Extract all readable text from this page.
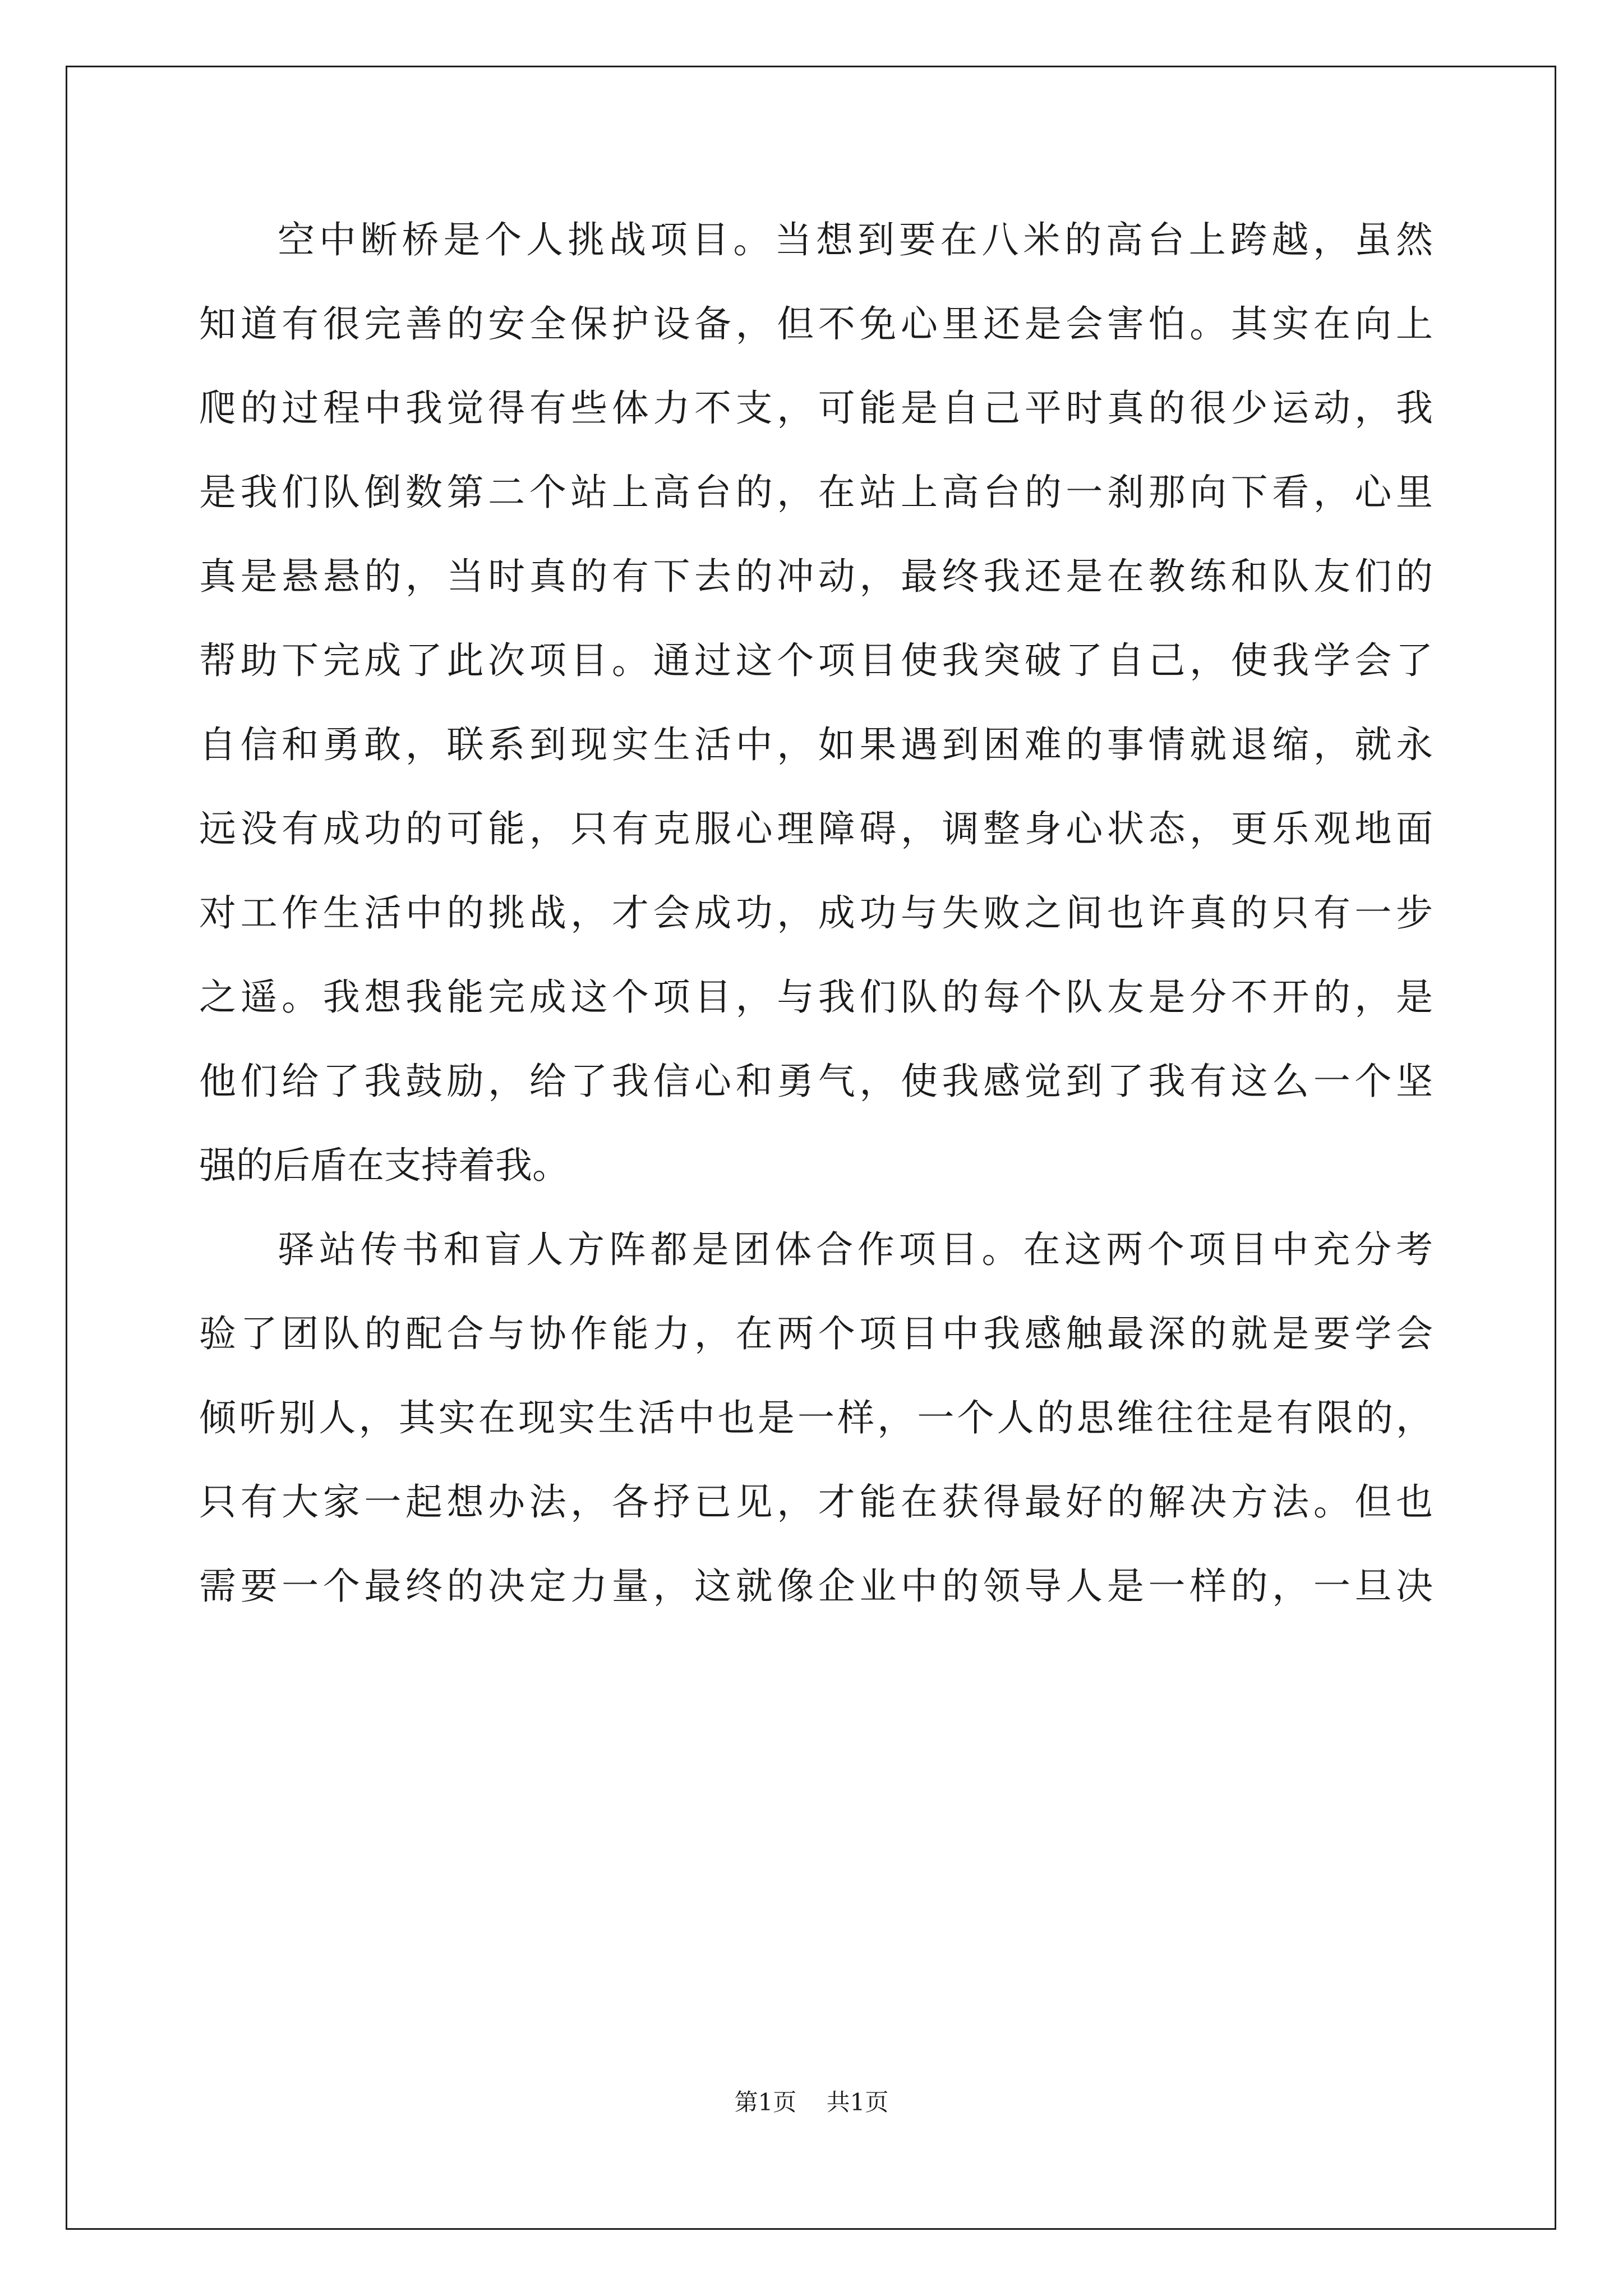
空中断桥是个人挑战项目。当想到要在八米的高台上跨越，虽然
知道有很完善的安全保护设备，但不免心里还是会害怕。其实在向上
爬的过程中我觉得有些体力不支，可能是自己平时真的很少运动，我
是我们队倒数第二个站上高台的，在站上高台的一刹那向下看，心里
真是悬悬的，当时真的有下去的冲动，最终我还是在教练和队友们的
帮助下完成了此次项目。通过这个项目使我突破了自己，使我学会了
自信和勇敢，联系到现实生活中，如果遇到困难的事情就退缩，就永
远没有成功的可能，只有克服心理障碍，调整身心状态，更乐观地面
对工作生活中的挑战，才会成功，成功与失败之间也许真的只有一步
之遥。我想我能完成这个项目，与我们队的每个队友是分不开的，是
他们给了我鼓励，给了我信心和勇气，使我感觉到了我有这么一个坚
强的后盾在支持着我。
驿站传书和盲人方阵都是团体合作项目。在这两个项目中充分考
验了团队的配合与协作能力，在两个项目中我感触最深的就是要学会
倾听别人，其实在现实生活中也是一样，一个人的思维往往是有限的，
只有大家一起想办法，各抒已见，才能在获得最好的解决方法。但也
需要一个最终的决定力量，这就像企业中的领导人是一样的，一旦决
第1页    共1页
